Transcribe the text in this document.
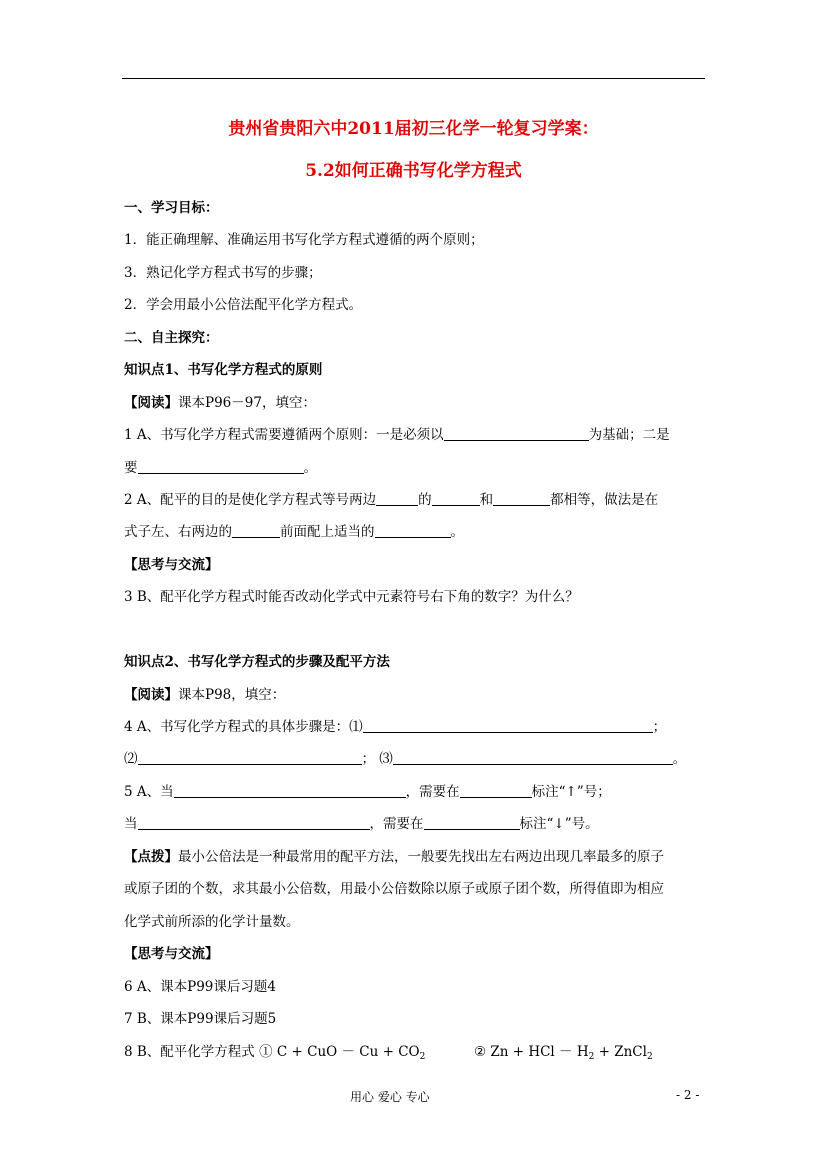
贵州省贵阳六中2011届初三化学一轮复习学案：
5.2如何正确书写化学方程式
一、学习目标：
1．能正确理解、准确运用书写化学方程式遵循的两个原则；
3．熟记化学方程式书写的步骤；
2．学会用最小公倍法配平化学方程式。
二、自主探究：
知识点1、书写化学方程式的原则
【阅读】课本P96－97，填空：
1 A、书写化学方程式需要遵循两个原则：一是必须以	为基础；二是
要	。
2 A、配平的目的是使化学方程式等号两边	的	和	都相等，做法是在
式子左、右两边的	前面配上适当的	。
【思考与交流】
3 B、配平化学方程式时能否改动化学式中元素符号右下角的数字？为什么？
知识点2、书写化学方程式的步骤及配平方法
【阅读】课本P98，填空：
4 A、书写化学方程式的具体步骤是：⑴	；
⑵	； ⑶	。
5 A、当	，需要在	标注“↑”号；
当	，需要在	标注“↓”号。
【点拨】最小公倍法是一种最常用的配平方法，一般要先找出左右两边出现几率最多的原子
或原子团的个数，求其最小公倍数，用最小公倍数除以原子或原子团个数，所得值即为相应
化学式前所添的化学计量数。
【思考与交流】
6 A、课本P99课后习题4
7 B、课本P99课后习题5
8 B、配平化学方程式 ① C + CuO － $Cu + CO_2$	② Zn + HCl － $H_2$ + ZnCl$_2$
用心 爱心 专心	- 2 -
